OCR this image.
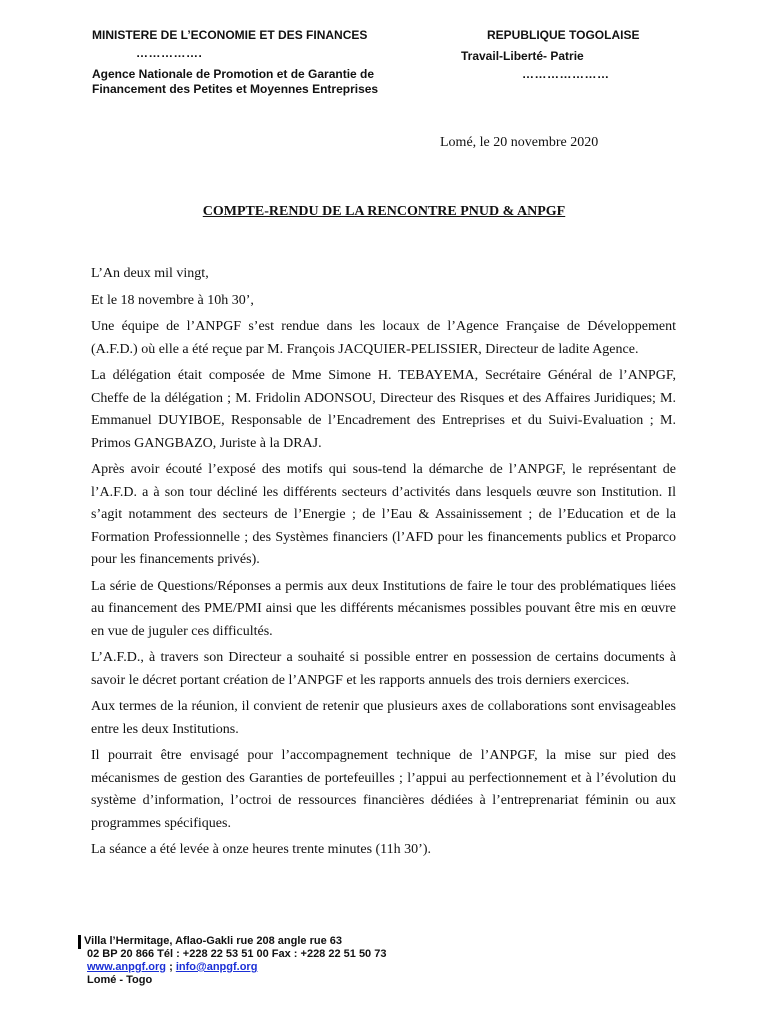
MINISTERE DE L’ECONOMIE ET DES FINANCES
…………….
Agence Nationale de Promotion et de Garantie de
Financement des Petites et Moyennes Entreprises
REPUBLIQUE TOGOLAISE
Travail-Liberté- Patrie
…………………
Lomé, le 20 novembre 2020
COMPTE-RENDU DE LA RENCONTRE PNUD & ANPGF

L’An deux mil vingt,

Et le 18 novembre à 10h 30’,

Une équipe de l’ANPGF s’est rendue dans les locaux de l’Agence Française de Développement (A.F.D.) où elle a été reçue par M. François JACQUIER-PELISSIER, Directeur de ladite Agence.

La délégation était composée de Mme Simone H. TEBAYEMA, Secrétaire Général de l’ANPGF, Cheffe de la délégation ; M. Fridolin ADONSOU, Directeur des Risques et des Affaires Juridiques; M. Emmanuel DUYIBOE, Responsable de l’Encadrement des Entreprises et du Suivi-Evaluation ; M. Primos GANGBAZO, Juriste à la DRAJ.

Après avoir écouté l’exposé des motifs qui sous-tend la démarche de l’ANPGF, le représentant de l’A.F.D. a à son tour décliné les différents secteurs d’activités dans lesquels œuvre son Institution. Il s’agit notamment des secteurs de l’Energie ; de l’Eau & Assainissement ; de l’Education et de la Formation Professionnelle ; des Systèmes financiers (l’AFD pour les financements publics et Proparco pour les financements privés).

La série de Questions/Réponses a permis aux deux Institutions de faire le tour des problématiques liées au financement des PME/PMI ainsi que les différents mécanismes possibles pouvant être mis en œuvre en vue de juguler ces difficultés.

L’A.F.D., à travers son Directeur a souhaité si possible entrer en possession de certains documents à savoir le décret portant création de l’ANPGF et les rapports annuels des trois derniers exercices.

Aux termes de la réunion, il convient de retenir que plusieurs axes de collaborations sont envisageables entre les deux Institutions.

Il pourrait être envisagé pour l’accompagnement technique de l’ANPGF, la mise sur pied des mécanismes de gestion des Garanties de portefeuilles ; l’appui au perfectionnement et à l’évolution du système d’information, l’octroi de ressources financières dédiées à l’entreprenariat féminin ou aux programmes spécifiques.

La séance a été levée à onze heures trente minutes (11h 30’).

Villa l’Hermitage, Aflao-Gakli rue 208 angle rue 63
02 BP 20 866 Tél : +228 22 53 51 00 Fax : +228 22 51 50 73
www.anpgf.org ; info@anpgf.org
Lomé - Togo
